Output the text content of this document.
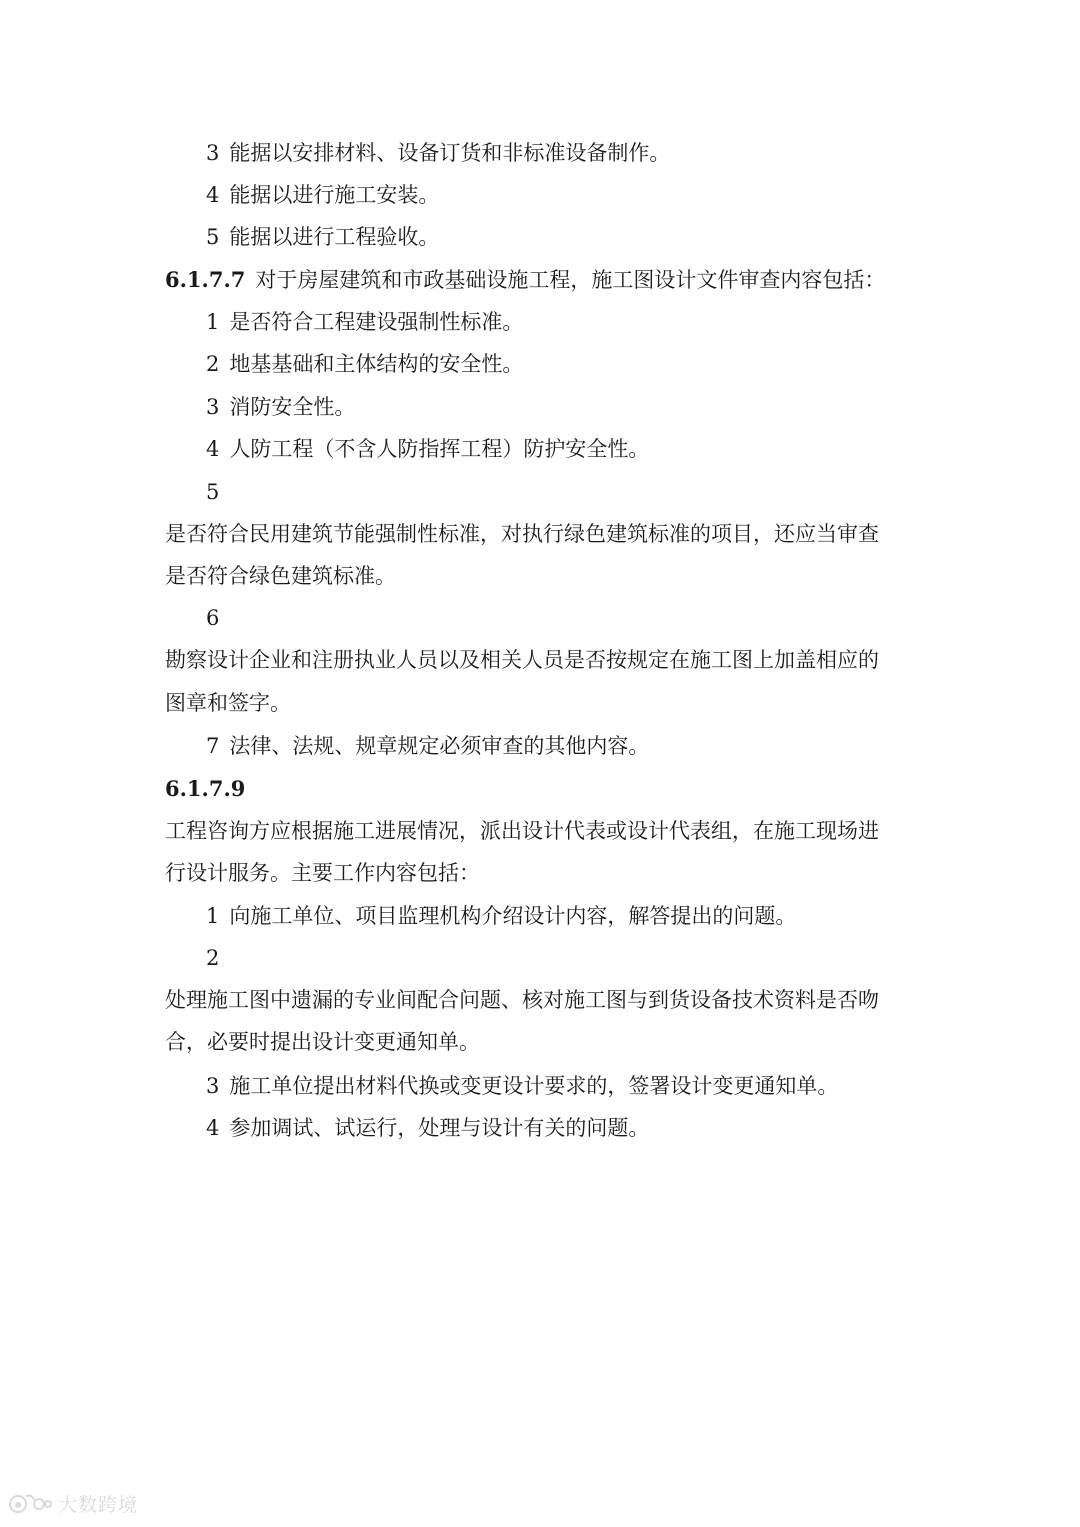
3 能据以安排材料、设备订货和非标准设备制作。
4 能据以进行施工安装。
5 能据以进行工程验收。
6.1.7.7 对于房屋建筑和市政基础设施工程，施工图设计文件审查内容包括：
1 是否符合工程建设强制性标准。
2 地基基础和主体结构的安全性。
3 消防安全性。
4 人防工程（不含人防指挥工程）防护安全性。
5
是否符合民用建筑节能强制性标准，对执行绿色建筑标准的项目，还应当审查
是否符合绿色建筑标准。
6
勘察设计企业和注册执业人员以及相关人员是否按规定在施工图上加盖相应的
图章和签字。
7 法律、法规、规章规定必须审查的其他内容。
6.1.7.9
工程咨询方应根据施工进展情况，派出设计代表或设计代表组，在施工现场进
行设计服务。主要工作内容包括：
1 向施工单位、项目监理机构介绍设计内容，解答提出的问题。
2
处理施工图中遗漏的专业间配合问题、核对施工图与到货设备技术资料是否吻
合，必要时提出设计变更通知单。
3 施工单位提出材料代换或变更设计要求的，签署设计变更通知单。
4 参加调试、试运行，处理与设计有关的问题。
大数跨境
